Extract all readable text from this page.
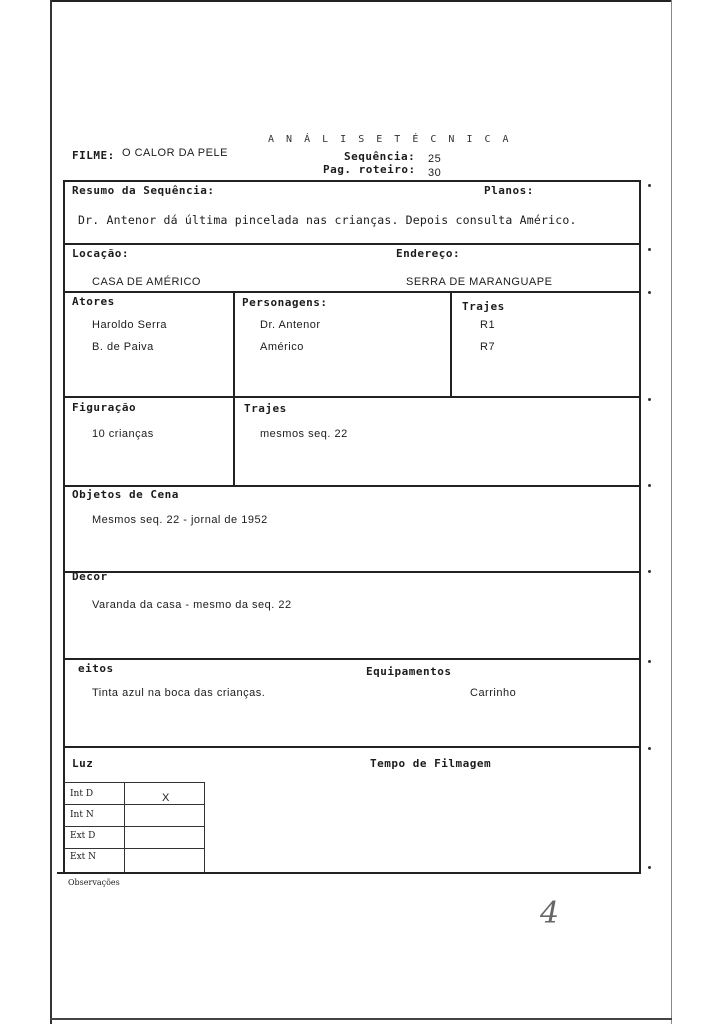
A N Á L I S E T É C N I C A
FILME: O CALOR DA PELE	Sequência: 25
Pag. roteiro: 30
Resumo da Sequência:	Planos:
Dr. Antenor dá última pincelada nas crianças. Depois consulta Américo.
Locação:	Endereço:
CASA DE AMÉRICO	SERRA DE MARANGUAPE
Atores	Personagens:	Trajes
Haroldo Serra	Dr. Antenor	R1
B. de Paiva	Américo	R7
Figuração	Trajes
10 crianças	mesmos seq. 22
Objetos de Cena
Mesmos seq. 22 - jornal de 1952
Decor
Varanda da casa - mesmo da seq. 22
eitos	Equipamentos
Tinta azul na boca das crianças.	Carrinho
Luz	Tempo de Filmagem
Int D	X
Int N
Ext D
Ext N
Observações
4
